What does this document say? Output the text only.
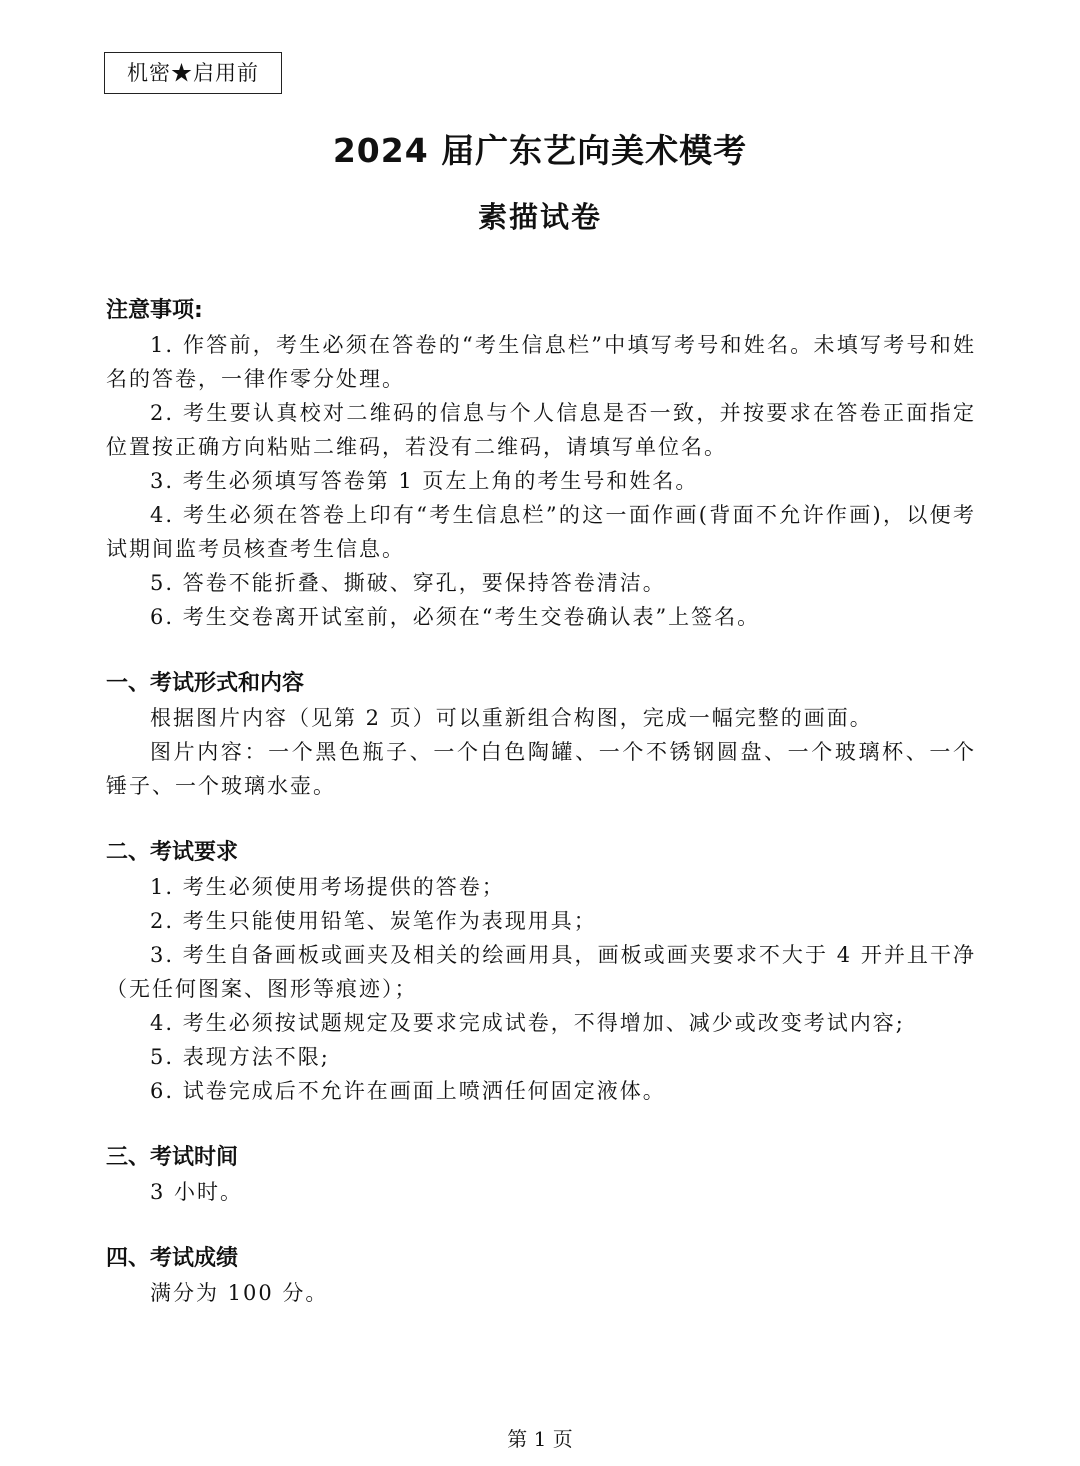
机密★启用前
2024 届广东艺向美术模考
素描试卷
注意事项:
1. 作答前，考生必须在答卷的“考生信息栏”中填写考号和姓名。未填写考号和姓名的答卷，一律作零分处理。
2. 考生要认真校对二维码的信息与个人信息是否一致，并按要求在答卷正面指定位置按正确方向粘贴二维码，若没有二维码，请填写单位名。
3. 考生必须填写答卷第 1 页左上角的考生号和姓名。
4. 考生必须在答卷上印有“考生信息栏”的这一面作画(背面不允许作画)，以便考试期间监考员核查考生信息。
5. 答卷不能折叠、撕破、穿孔，要保持答卷清洁。
6. 考生交卷离开试室前，必须在“考生交卷确认表”上签名。
一、考试形式和内容
根据图片内容（见第 2 页）可以重新组合构图，完成一幅完整的画面。
图片内容：一个黑色瓶子、一个白色陶罐、一个不锈钢圆盘、一个玻璃杯、一个锤子、一个玻璃水壶。
二、考试要求
1. 考生必须使用考场提供的答卷；
2. 考生只能使用铅笔、炭笔作为表现用具；
3. 考生自备画板或画夹及相关的绘画用具，画板或画夹要求不大于 4 开并且干净（无任何图案、图形等痕迹）；
4. 考生必须按试题规定及要求完成试卷，不得增加、减少或改变考试内容;
5. 表现方法不限;
6. 试卷完成后不允许在画面上喷洒任何固定液体。
三、考试时间
3 小时。
四、考试成绩
满分为 100 分。
第 1 页
